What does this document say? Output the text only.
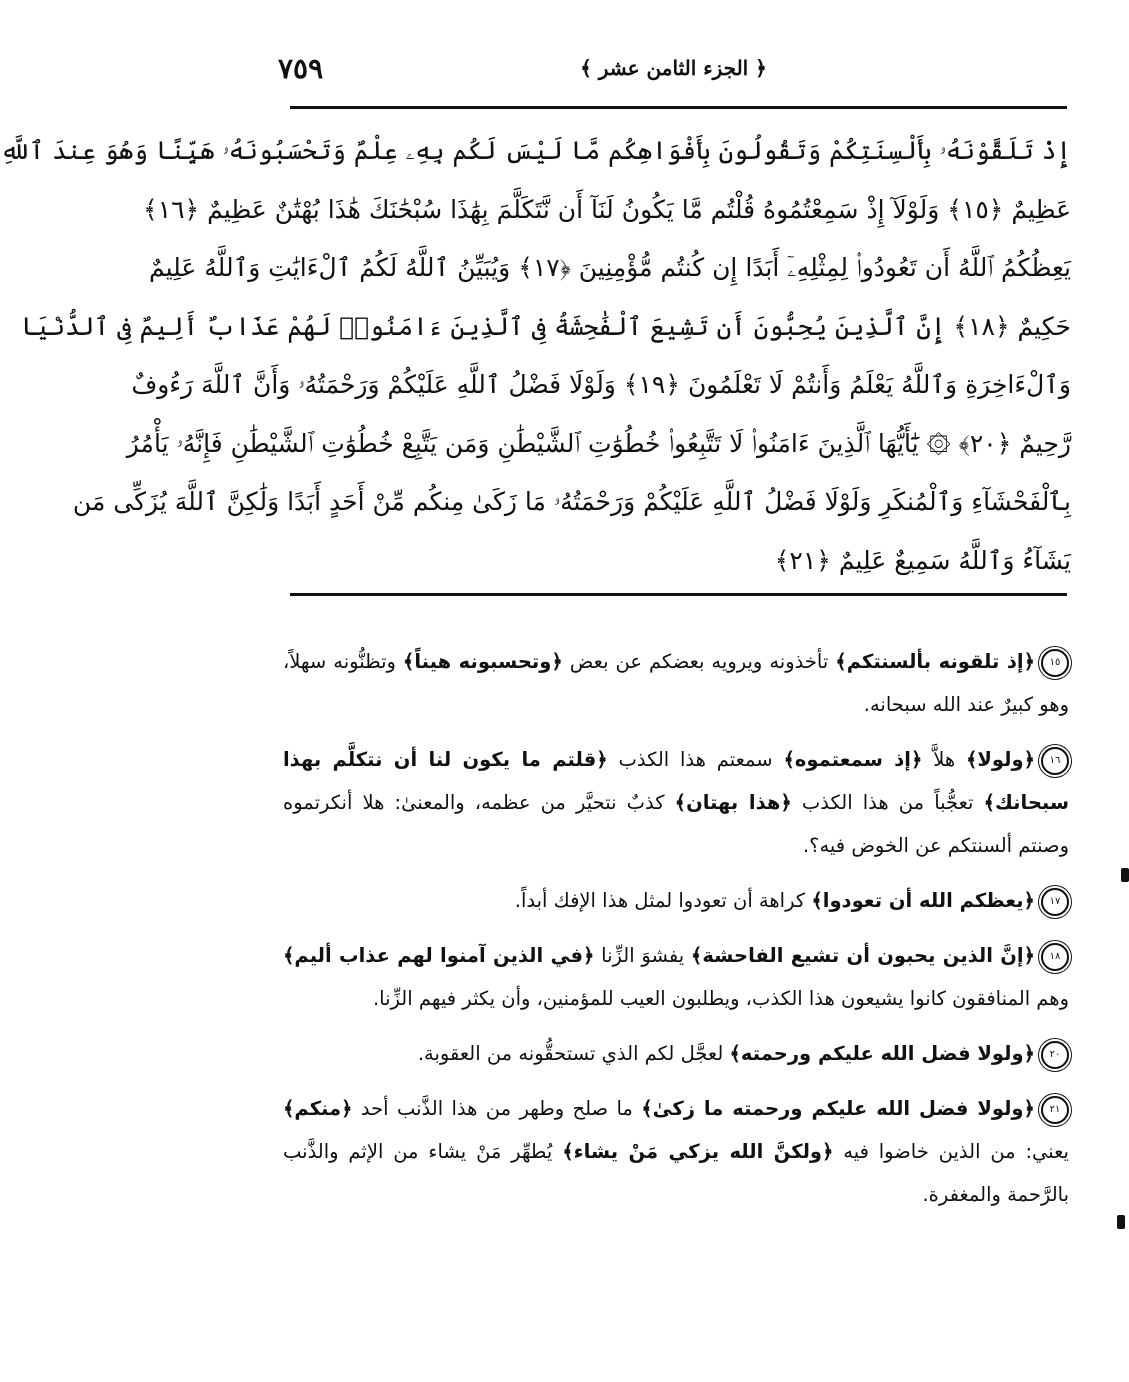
٧٥٩	﴿ الجزء الثامن عشر ﴾
إِذْ تَلَقَّوْنَهُۥ بِأَلْسِنَتِكُمْ وَتَقُولُونَ بِأَفْوَاهِكُم مَّا لَيْسَ لَكُم بِهِۦ عِلْمٌ وَتَحْسَبُونَهُۥ هَيِّنًا وَهُوَ عِندَ ٱللَّهِ
عَظِيمٌ ﴿١٥﴾ وَلَوْلَآ إِذْ سَمِعْتُمُوهُ قُلْتُم مَّا يَكُونُ لَنَآ أَن نَّتَكَلَّمَ بِهَٰذَا سُبْحَٰنَكَ هَٰذَا بُهْتَٰنٌ عَظِيمٌ ﴿١٦﴾
يَعِظُكُمُ ٱللَّهُ أَن تَعُودُوا۟ لِمِثْلِهِۦٓ أَبَدًا إِن كُنتُم مُّؤْمِنِينَ ﴿١٧﴾ وَيُبَيِّنُ ٱللَّهُ لَكُمُ ٱلْءَايَٰتِ وَٱللَّهُ عَلِيمٌ
حَكِيمٌ ﴿١٨﴾ إِنَّ ٱلَّذِينَ يُحِبُّونَ أَن تَشِيعَ ٱلْفَٰحِشَةُ فِى ٱلَّذِينَ ءَامَنُوا۟ لَهُمْ عَذَابٌ أَلِيمٌ فِى ٱلدُّنْيَا
وَٱلْءَاخِرَةِ وَٱللَّهُ يَعْلَمُ وَأَنتُمْ لَا تَعْلَمُونَ ﴿١٩﴾ وَلَوْلَا فَضْلُ ٱللَّهِ عَلَيْكُمْ وَرَحْمَتُهُۥ وَأَنَّ ٱللَّهَ رَءُوفٌ
رَّحِيمٌ ﴿٢٠﴾ ۞ يَٰٓأَيُّهَا ٱلَّذِينَ ءَامَنُوا۟ لَا تَتَّبِعُوا۟ خُطُوَٰتِ ٱلشَّيْطَٰنِ وَمَن يَتَّبِعْ خُطُوَٰتِ ٱلشَّيْطَٰنِ فَإِنَّهُۥ يَأْمُرُ
بِٱلْفَحْشَآءِ وَٱلْمُنكَرِ وَلَوْلَا فَضْلُ ٱللَّهِ عَلَيْكُمْ وَرَحْمَتُهُۥ مَا زَكَىٰ مِنكُم مِّنْ أَحَدٍ أَبَدًا وَلَٰكِنَّ ٱللَّهَ يُزَكِّى مَن
يَشَآءُ وَٱللَّهُ سَمِيعٌ عَلِيمٌ ﴿٢١﴾

١٥﴿إذ تلقونه بألسنتكم﴾ تأخذونه ويرويه بعضكم عن بعض ﴿وتحسبونه هيناً﴾ وتظنُّونه سهلاً، وهو كبيرٌ عند الله سبحانه.

١٦﴿ولولا﴾ هلاَّ ﴿إذ سمعتموه﴾ سمعتم هذا الكذب ﴿قلتم ما يكون لنا أن نتكلَّم بهذا سبحانك﴾ تعجُّباً من هذا الكذب ﴿هذا بهتان﴾ كذبٌ نتحيَّر من عظمه، والمعنىٰ: هلا أنكرتموه وصنتم ألسنتكم عن الخوض فيه؟.

١٧﴿يعظكم الله أن تعودوا﴾ كراهة أن تعودوا لمثل هذا الإفك أبداً.

١٨﴿إنَّ الذين يحبون أن تشيع الفاحشة﴾ يفشوَ الزِّنا ﴿في الذين آمنوا لهم عذاب أليم﴾ وهم المنافقون كانوا يشيعون هذا الكذب، ويطلبون العيب للمؤمنين، وأن يكثر فيهم الزِّنا.

٢٠﴿ولولا فضل الله عليكم ورحمته﴾ لعجَّل لكم الذي تستحقُّونه من العقوبة.

٢١﴿ولولا فضل الله عليكم ورحمته ما زكىٰ﴾ ما صلح وطهر من هذا الذَّنب أحد ﴿منكم﴾ يعني: من الذين خاضوا فيه ﴿ولكنَّ الله يزكي مَنْ يشاء﴾ يُطهِّر مَنْ يشاء من الإثم والذَّنب بالرَّحمة والمغفرة.
